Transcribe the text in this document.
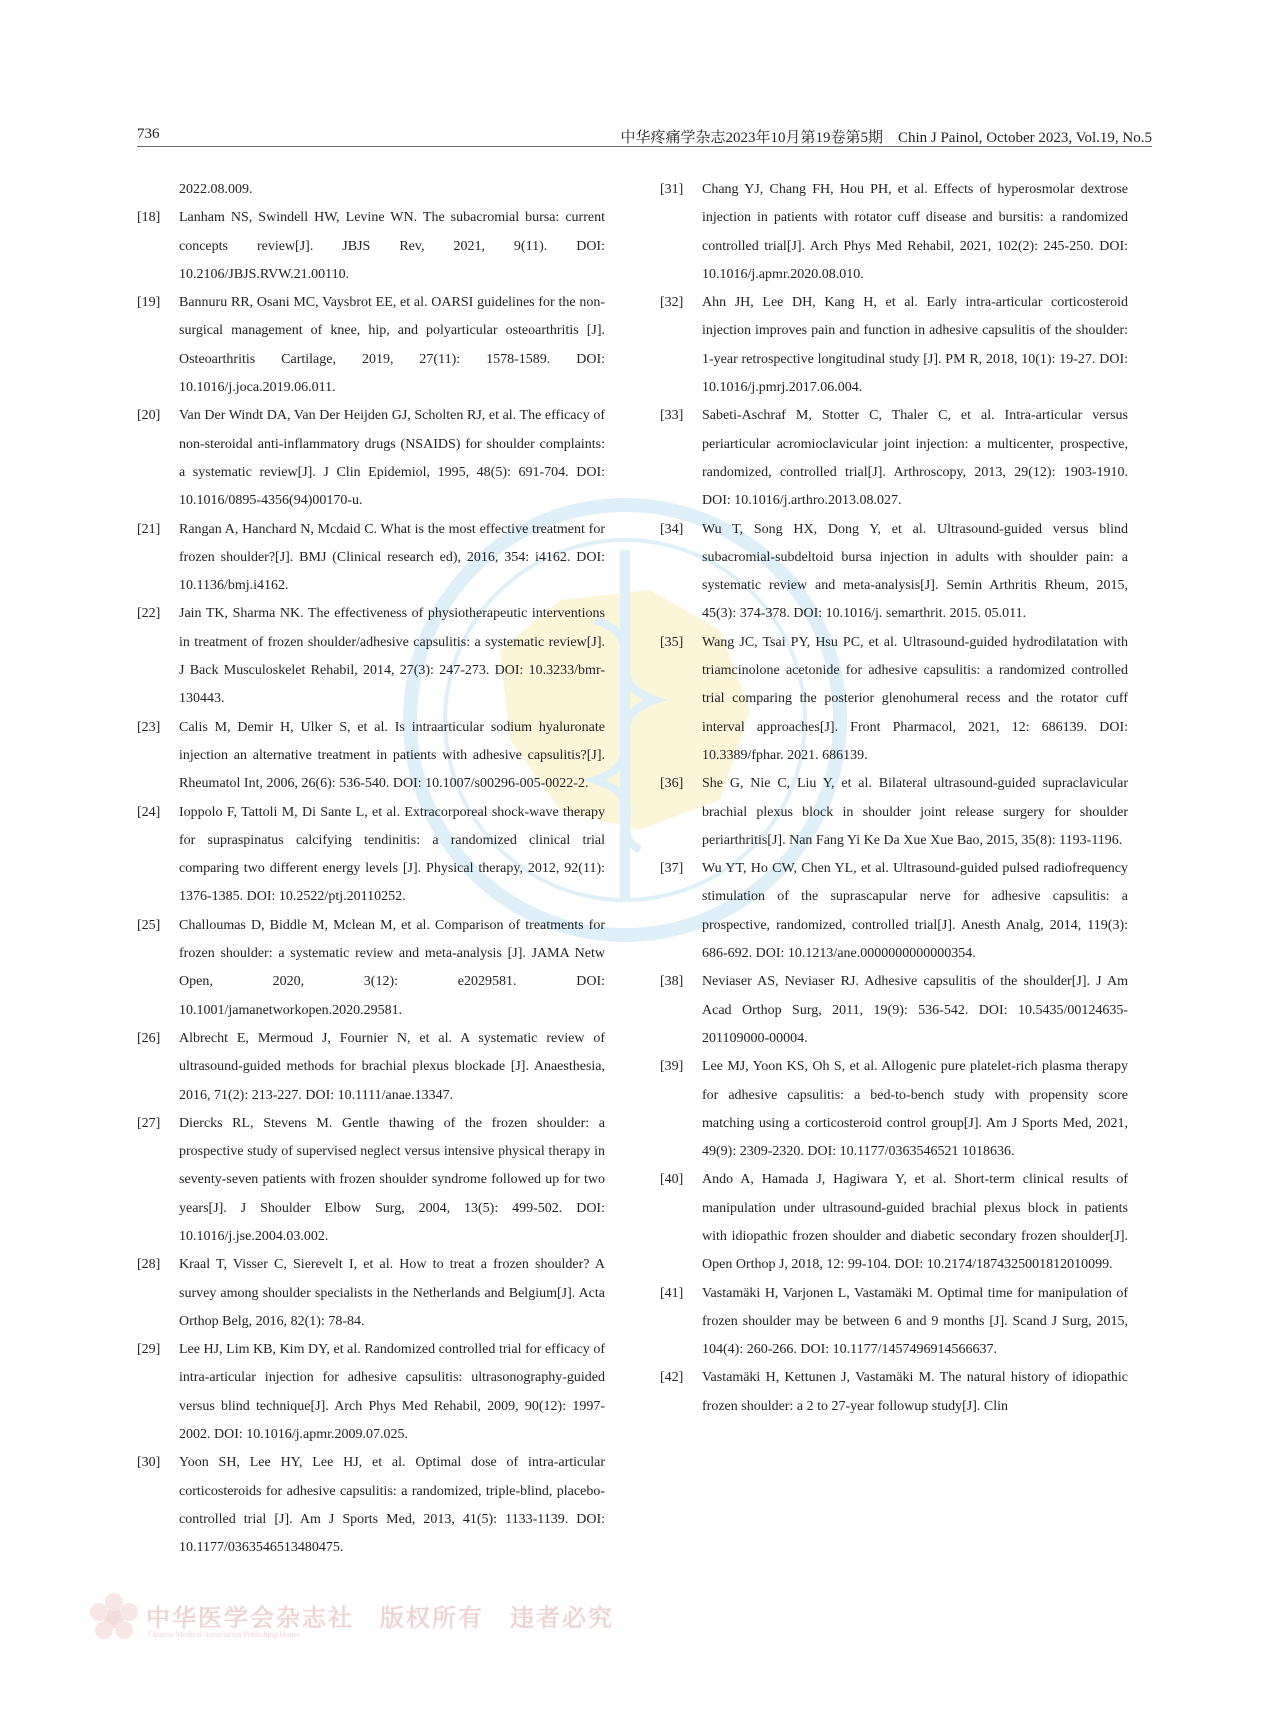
736	中华疼痛学杂志2023年10月第19卷第5期　Chin J Painol, October 2023, Vol.19, No.5
2022.08.009.
[18]	Lanham NS, Swindell HW, Levine WN. The subacromial bursa: current concepts review[J]. JBJS Rev, 2021, 9(11). DOI: 10.2106/JBJS.RVW.21.00110.
[19]	Bannuru RR, Osani MC, Vaysbrot EE, et al. OARSI guidelines for the non-surgical management of knee, hip, and polyarticular osteoarthritis [J]. Osteoarthritis Cartilage, 2019, 27(11): 1578-1589. DOI: 10.1016/j.joca.2019.06.011.
[20]	Van Der Windt DA, Van Der Heijden GJ, Scholten RJ, et al. The efficacy of non-steroidal anti-inflammatory drugs (NSAIDS) for shoulder complaints: a systematic review[J]. J Clin Epidemiol, 1995, 48(5): 691-704. DOI: 10.1016/0895-4356(94)00170-u.
[21]	Rangan A, Hanchard N, Mcdaid C. What is the most effective treatment for frozen shoulder?[J]. BMJ (Clinical research ed), 2016, 354: i4162. DOI: 10.1136/bmj.i4162.
[22]	Jain TK, Sharma NK. The effectiveness of physiotherapeutic interventions in treatment of frozen shoulder/adhesive capsulitis: a systematic review[J]. J Back Musculoskelet Rehabil, 2014, 27(3): 247-273. DOI: 10.3233/bmr-130443.
[23]	Calis M, Demir H, Ulker S, et al. Is intraarticular sodium hyaluronate injection an alternative treatment in patients with adhesive capsulitis?[J]. Rheumatol Int, 2006, 26(6): 536-540. DOI: 10.1007/s00296-005-0022-2.
[24]	Ioppolo F, Tattoli M, Di Sante L, et al. Extracorporeal shock-wave therapy for supraspinatus calcifying tendinitis: a randomized clinical trial comparing two different energy levels [J]. Physical therapy, 2012, 92(11): 1376-1385. DOI: 10.2522/ptj.20110252.
[25]	Challoumas D, Biddle M, Mclean M, et al. Comparison of treatments for frozen shoulder: a systematic review and meta-analysis [J]. JAMA Netw Open, 2020, 3(12): e2029581. DOI: 10.1001/jamanetworkopen.2020.29581.
[26]	Albrecht E, Mermoud J, Fournier N, et al. A systematic review of ultrasound-guided methods for brachial plexus blockade [J]. Anaesthesia, 2016, 71(2): 213-227. DOI: 10.1111/anae.13347.
[27]	Diercks RL, Stevens M. Gentle thawing of the frozen shoulder: a prospective study of supervised neglect versus intensive physical therapy in seventy-seven patients with frozen shoulder syndrome followed up for two years[J]. J Shoulder Elbow Surg, 2004, 13(5): 499-502. DOI: 10.1016/j.jse.2004.03.002.
[28]	Kraal T, Visser C, Sierevelt I, et al. How to treat a frozen shoulder? A survey among shoulder specialists in the Netherlands and Belgium[J]. Acta Orthop Belg, 2016, 82(1): 78-84.
[29]	Lee HJ, Lim KB, Kim DY, et al. Randomized controlled trial for efficacy of intra-articular injection for adhesive capsulitis: ultrasonography-guided versus blind technique[J]. Arch Phys Med Rehabil, 2009, 90(12): 1997-2002. DOI: 10.1016/j.apmr.2009.07.025.
[30]	Yoon SH, Lee HY, Lee HJ, et al. Optimal dose of intra-articular corticosteroids for adhesive capsulitis: a randomized, triple-blind, placebo-controlled trial [J]. Am J Sports Med, 2013, 41(5): 1133-1139. DOI: 10.1177/0363546513480475.
[31]	Chang YJ, Chang FH, Hou PH, et al. Effects of hyperosmolar dextrose injection in patients with rotator cuff disease and bursitis: a randomized controlled trial[J]. Arch Phys Med Rehabil, 2021, 102(2): 245-250. DOI: 10.1016/j.apmr.2020.08.010.
[32]	Ahn JH, Lee DH, Kang H, et al. Early intra-articular corticosteroid injection improves pain and function in adhesive capsulitis of the shoulder: 1-year retrospective longitudinal study [J]. PM R, 2018, 10(1): 19-27. DOI: 10.1016/j.pmrj.2017.06.004.
[33]	Sabeti-Aschraf M, Stotter C, Thaler C, et al. Intra-articular versus periarticular acromioclavicular joint injection: a multicenter, prospective, randomized, controlled trial[J]. Arthroscopy, 2013, 29(12): 1903-1910. DOI: 10.1016/j.arthro.2013.08.027.
[34]	Wu T, Song HX, Dong Y, et al. Ultrasound-guided versus blind subacromial-subdeltoid bursa injection in adults with shoulder pain: a systematic review and meta-analysis[J]. Semin Arthritis Rheum, 2015, 45(3): 374-378. DOI: 10.1016/j. semarthrit. 2015. 05.011.
[35]	Wang JC, Tsai PY, Hsu PC, et al. Ultrasound-guided hydrodilatation with triamcinolone acetonide for adhesive capsulitis: a randomized controlled trial comparing the posterior glenohumeral recess and the rotator cuff interval approaches[J]. Front Pharmacol, 2021, 12: 686139. DOI: 10.3389/fphar. 2021. 686139.
[36]	She G, Nie C, Liu Y, et al. Bilateral ultrasound-guided supraclavicular brachial plexus block in shoulder joint release surgery for shoulder periarthritis[J]. Nan Fang Yi Ke Da Xue Xue Bao, 2015, 35(8): 1193-1196.
[37]	Wu YT, Ho CW, Chen YL, et al. Ultrasound-guided pulsed radiofrequency stimulation of the suprascapular nerve for adhesive capsulitis: a prospective, randomized, controlled trial[J]. Anesth Analg, 2014, 119(3): 686-692. DOI: 10.1213/ane.0000000000000354.
[38]	Neviaser AS, Neviaser RJ. Adhesive capsulitis of the shoulder[J]. J Am Acad Orthop Surg, 2011, 19(9): 536-542. DOI: 10.5435/00124635-201109000-00004.
[39]	Lee MJ, Yoon KS, Oh S, et al. Allogenic pure platelet-rich plasma therapy for adhesive capsulitis: a bed-to-bench study with propensity score matching using a corticosteroid control group[J]. Am J Sports Med, 2021, 49(9): 2309-2320. DOI: 10.1177/0363546521 1018636.
[40]	Ando A, Hamada J, Hagiwara Y, et al. Short-term clinical results of manipulation under ultrasound-guided brachial plexus block in patients with idiopathic frozen shoulder and diabetic secondary frozen shoulder[J]. Open Orthop J, 2018, 12: 99-104. DOI: 10.2174/1874325001812010099.
[41]	Vastamäki H, Varjonen L, Vastamäki M. Optimal time for manipulation of frozen shoulder may be between 6 and 9 months [J]. Scand J Surg, 2015, 104(4): 260-266. DOI: 10.1177/1457496914566637.
[42]	Vastamäki H, Kettunen J, Vastamäki M. The natural history of idiopathic frozen shoulder: a 2 to 27-year followup study[J]. Clin
中华医学会杂志社　 版权所有　违者必究
Chinese Medical Association Publishing House
